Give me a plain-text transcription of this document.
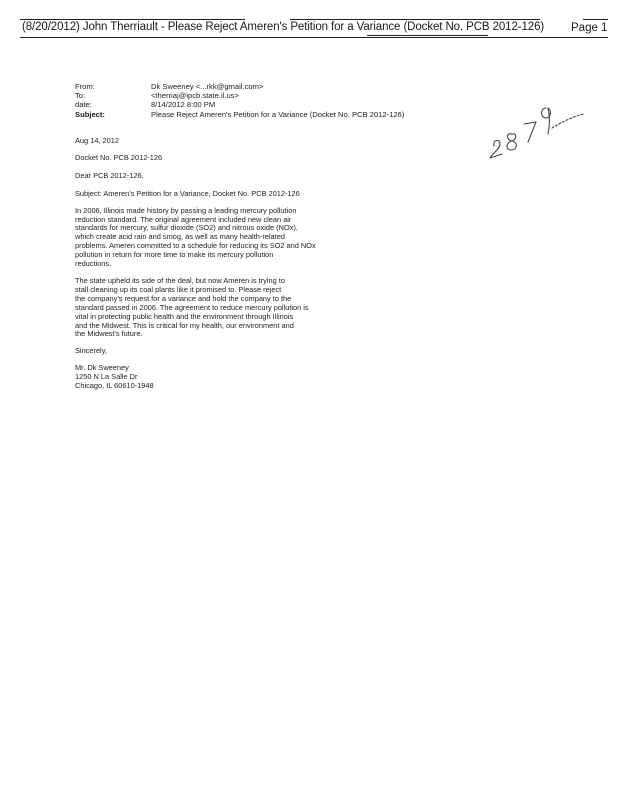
(8/20/2012) John Therriault - Please Reject Ameren's Petition for a Variance (Docket No. PCB 2012-126) Page 1
From:	Dk Sweeney <...rkk@gmail.com>
To:	<therriaj@ipcb.state.il.us>
date:	8/14/2012 8:00 PM
Subject:	Please Reject Ameren's Petition for a Variance (Docket No. PCB 2012-126)

Aug 14, 2012

Docket No. PCB 2012-126

Dear PCB 2012-126,

Subject: Ameren's Petition for a Variance, Docket No. PCB 2012-126

In 2006, Illinois made history by passing a leading mercury pollution

reduction standard. The original agreement included new clean air

standards for mercury, sulfur dioxide (SO2) and nitrous oxide (NOx),

which create acid rain and smog, as well as many health-related

problems. Ameren committed to a schedule for reducing its SO2 and NOx

pollution in return for more time to make its mercury pollution

reductions.

The state upheld its side of the deal, but now Ameren is trying to

stall cleaning up its coal plants like it promised to. Please reject

the company's request for a variance and hold the company to the

standard passed in 2006. The agreement to reduce mercury pollution is

vital in protecting public health and the environment through Illinois

and the Midwest. This is critical for my health, our environment and

the Midwest's future.

Sincerely,

Mr. Dk Sweeney

1250 N La Salle Dr

Chicago, IL 60610-1948
